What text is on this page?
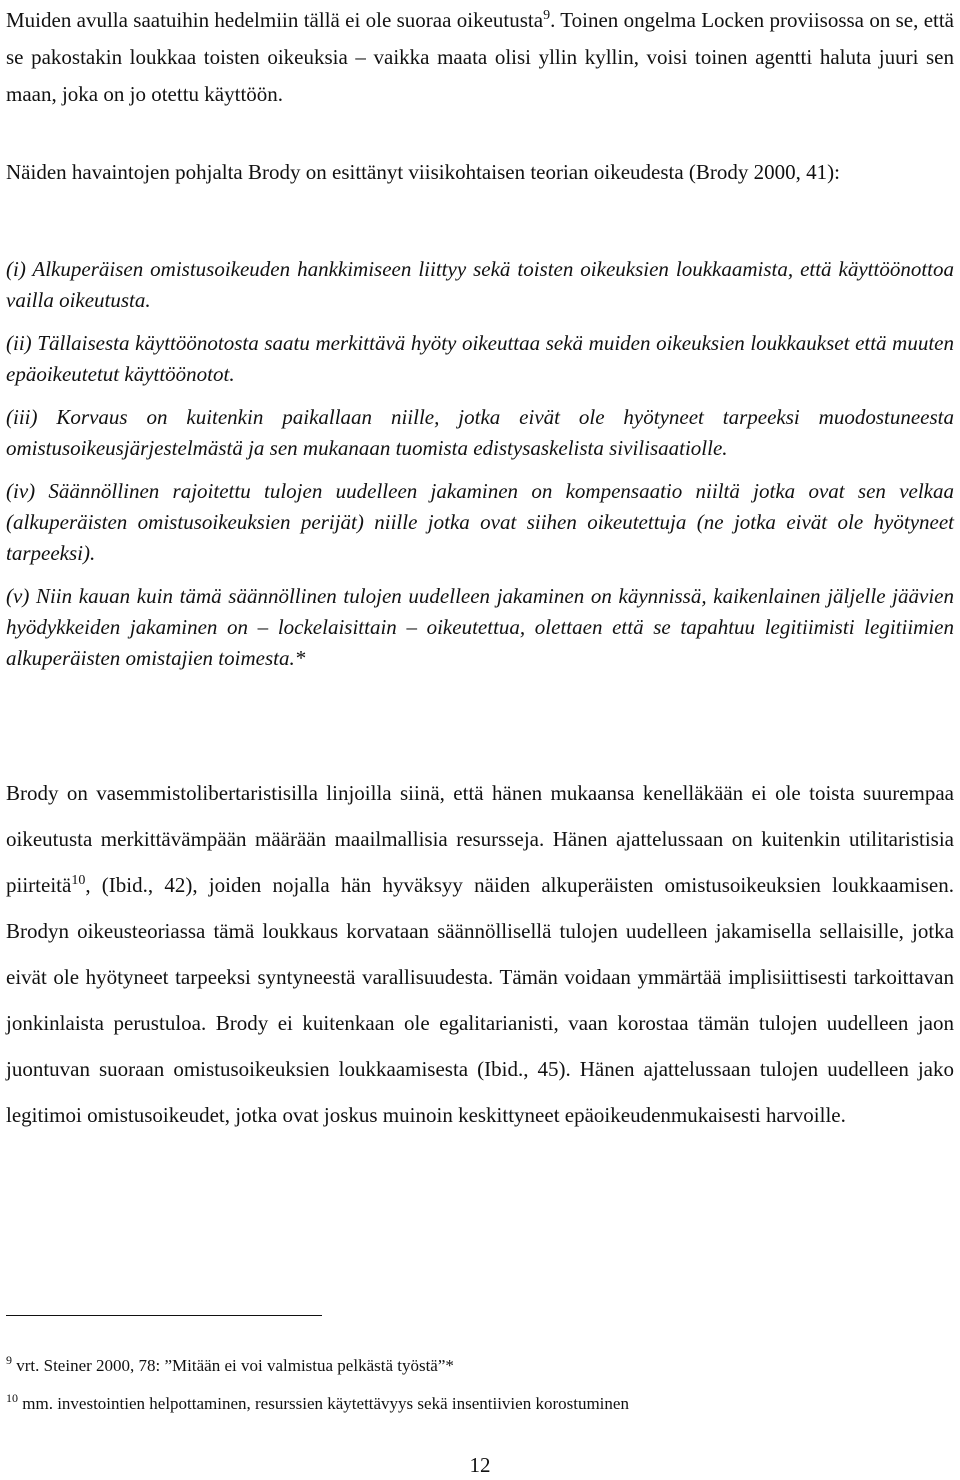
Muiden avulla saatuihin hedelmiin tällä ei ole suoraa oikeutusta$^9$. Toinen ongelma Locken proviisossa on se, että se pakostakin loukkaa toisten oikeuksia – vaikka maata olisi yllin kyllin, voisi toinen agentti haluta juuri sen maan, joka on jo otettu käyttöön.

Näiden havaintojen pohjalta Brody on esittänyt viisikohtaisen teorian oikeudesta (Brody 2000, 41):

(i) Alkuperäisen omistusoikeuden hankkimiseen liittyy sekä toisten oikeuksien loukkaamista, että käyttöönottoa vailla oikeutusta.

(ii) Tällaisesta käyttöönotosta saatu merkittävä hyöty oikeuttaa sekä muiden oikeuksien loukkaukset että muuten epäoikeutetut käyttöönotot.

(iii) Korvaus on kuitenkin paikallaan niille, jotka eivät ole hyötyneet tarpeeksi muodostuneesta omistusoikeusjärjestelmästä ja sen mukanaan tuomista edistysaskelista sivilisaatiolle.

(iv) Säännöllinen rajoitettu tulojen uudelleen jakaminen on kompensaatio niiltä jotka ovat sen velkaa (alkuperäisten omistusoikeuksien perijät) niille jotka ovat siihen oikeutettuja (ne jotka eivät ole hyötyneet tarpeeksi).

(v) Niin kauan kuin tämä säännöllinen tulojen uudelleen jakaminen on käynnissä, kaikenlainen jäljelle jäävien hyödykkeiden jakaminen on – lockelaisittain – oikeutettua, olettaen että se tapahtuu legitiimisti legitiimien alkuperäisten omistajien toimesta.*

Brody on vasemmistolibertaristisilla linjoilla siinä, että hänen mukaansa kenelläkään ei ole toista suurempaa oikeutusta merkittävämpään määrään maailmallisia resursseja. Hänen ajattelussaan on kuitenkin utilitaristisia piirteitä$^{10}$, (Ibid., 42), joiden nojalla hän hyväksyy näiden alkuperäisten omistusoikeuksien loukkaamisen. Brodyn oikeusteoriassa tämä loukkaus korvataan säännöllisellä tulojen uudelleen jakamisella sellaisille, jotka eivät ole hyötyneet tarpeeksi syntyneestä varallisuudesta. Tämän voidaan ymmärtää implisiittisesti tarkoittavan jonkinlaista perustuloa. Brody ei kuitenkaan ole egalitarianisti, vaan korostaa tämän tulojen uudelleen jaon juontuvan suoraan omistusoikeuksien loukkaamisesta (Ibid., 45). Hänen ajattelussaan tulojen uudelleen jako legitimoi omistusoikeudet, jotka ovat joskus muinoin keskittyneet epäoikeudenmukaisesti harvoille.

$^9$ vrt. Steiner 2000, 78: ”Mitään ei voi valmistua pelkästä työstä”*

$^{10}$ mm. investointien helpottaminen, resurssien käytettävyys sekä insentiivien korostuminen

12
